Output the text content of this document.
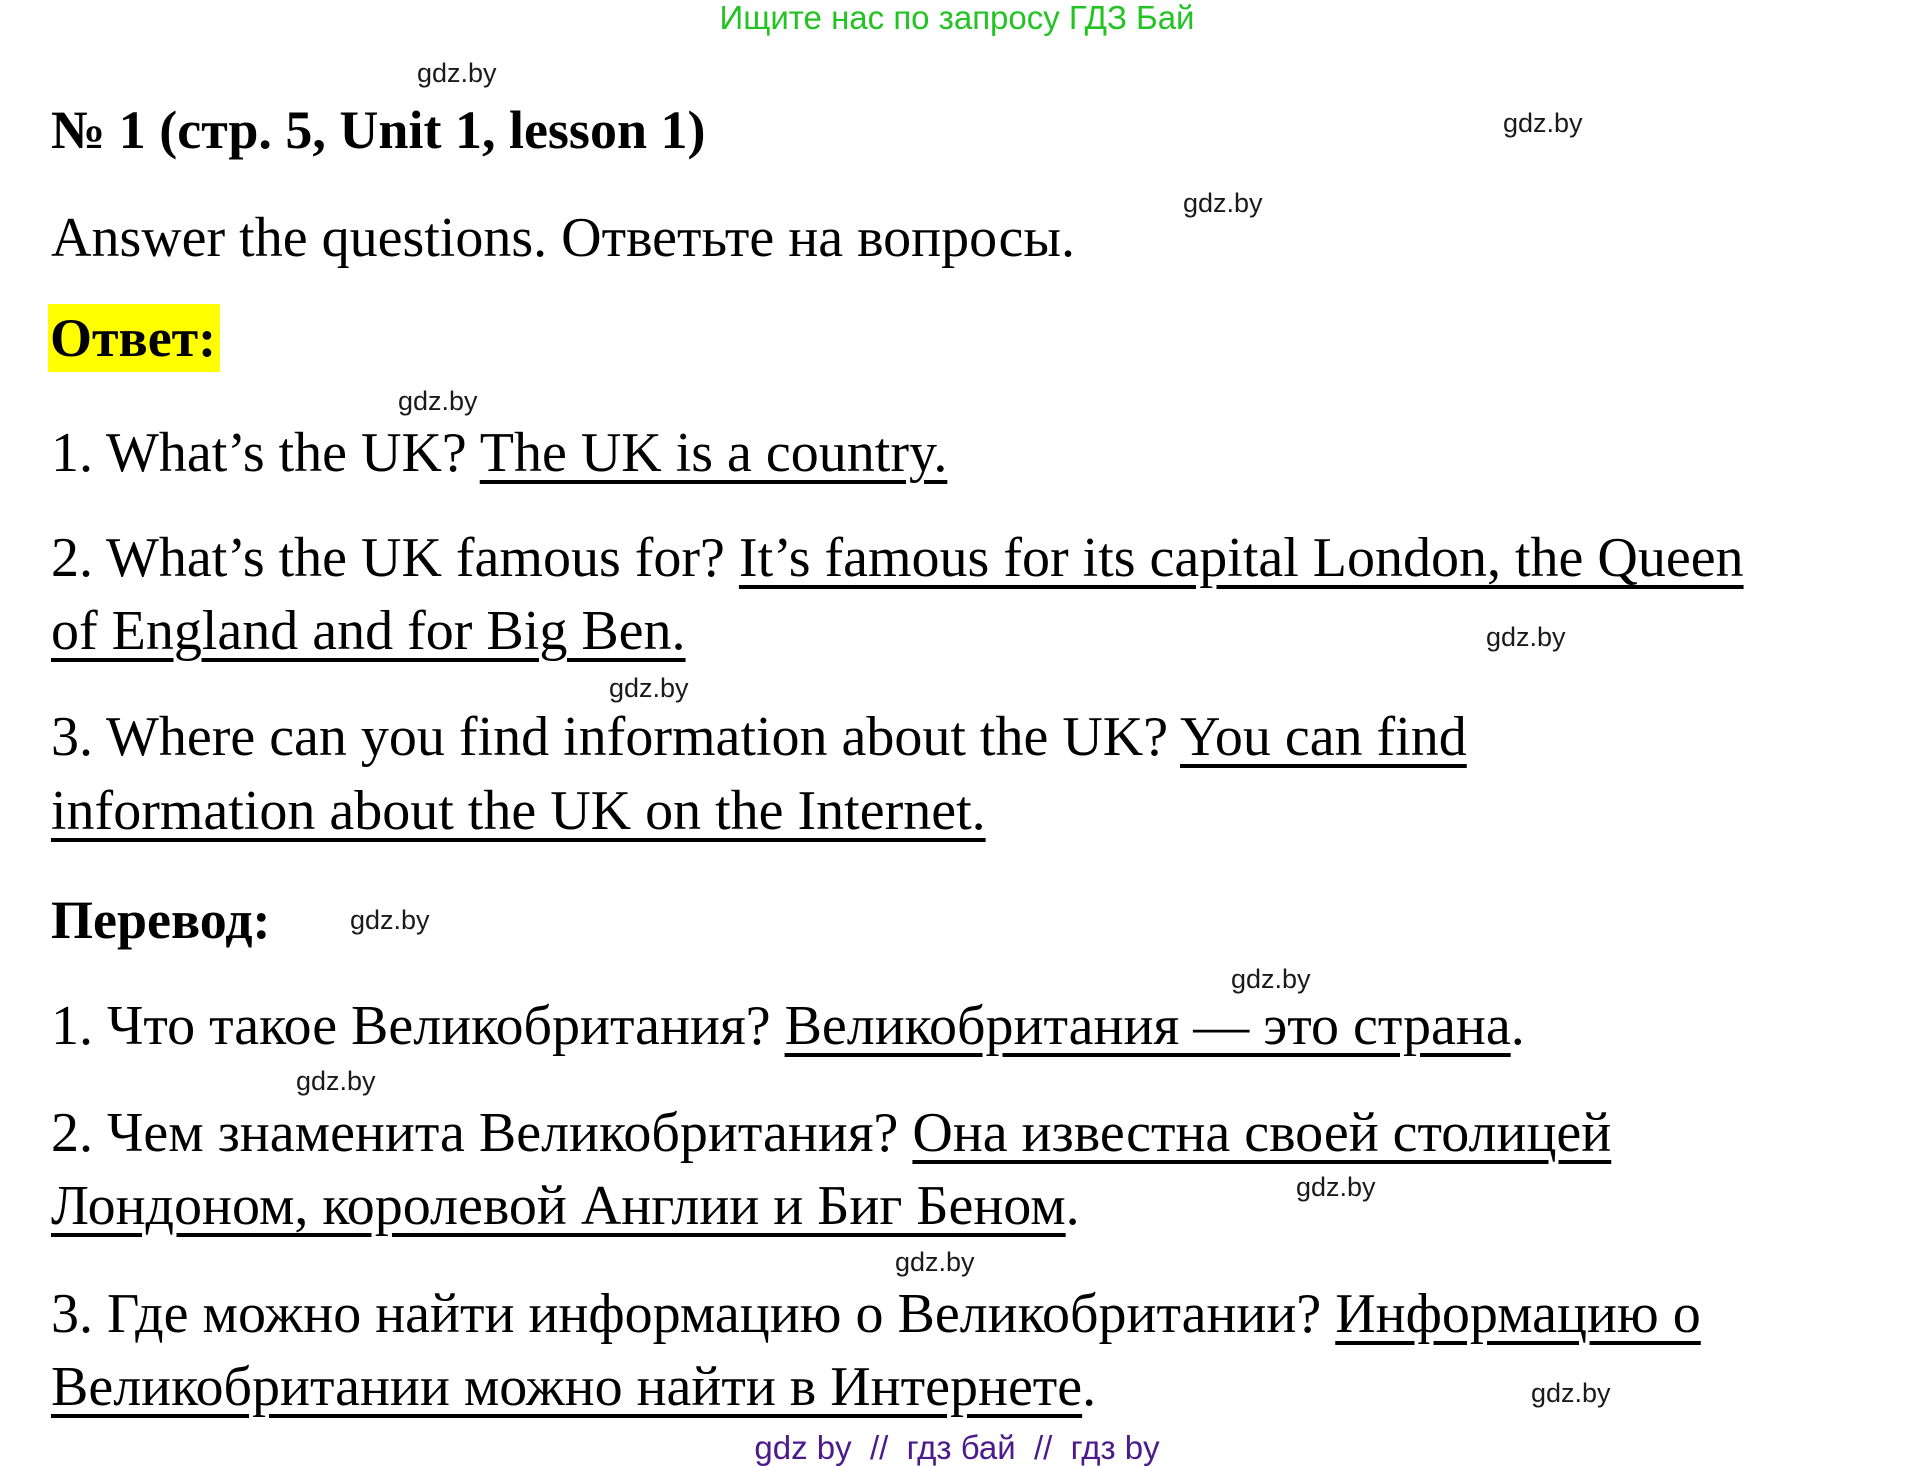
Ищите нас по запросу ГДЗ Бай
gdz.by
gdz.by
gdz.by
gdz.by
gdz.by
gdz.by
gdz.by
gdz.by
gdz.by
gdz.by
gdz.by
gdz.by
№ 1 (стр. 5, Unit 1, lesson 1)
Answer the questions. Ответьте на вопросы.
Ответ:
1. What’s the UK? The UK is a country.
2. What’s the UK famous for? It’s famous for its capital London, the Queen
of England and for Big Ben.
3. Where can you find information about the UK? You can find
information about the UK on the Internet.
Перевод:
1. Что такое Великобритания? Великобритания — это страна.
2. Чем знаменита Великобритания? Она известна своей столицей
Лондоном, королевой Англии и Биг Беном.
3. Где можно найти информацию о Великобритании? Информацию о
Великобритании можно найти в Интернете.
gdz by  //  гдз бай  //  гдз by
